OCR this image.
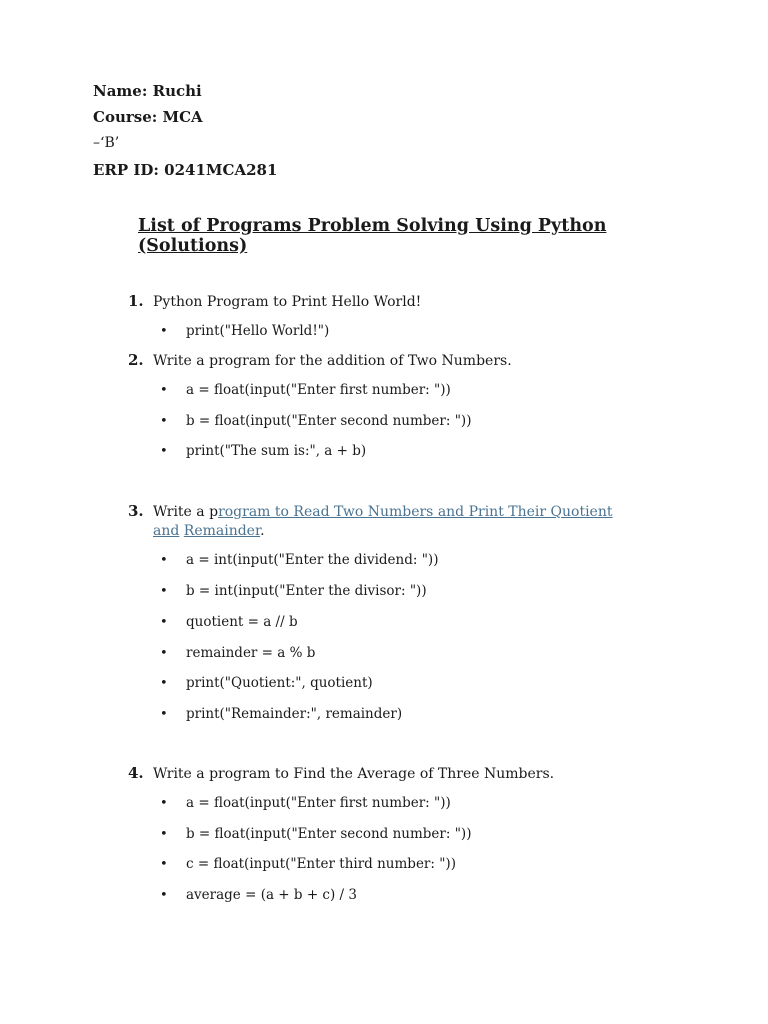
Name: Ruchi
Course: MCA
–‘B’
ERP ID: 0241MCA281
List of Programs Problem Solving Using Python
(Solutions)
1. Python Program to Print Hello World!
• print("Hello World!")
2. Write a program for the addition of Two Numbers.
• a = float(input("Enter first number: "))
• b = float(input("Enter second number: "))
• print("The sum is:", a + b)
3. Write a program to Read Two Numbers and Print Their Quotient
and Remainder.
• a = int(input("Enter the dividend: "))
• b = int(input("Enter the divisor: "))
• quotient = a // b
• remainder = a % b
• print("Quotient:", quotient)
• print("Remainder:", remainder)
4. Write a program to Find the Average of Three Numbers.
• a = float(input("Enter first number: "))
• b = float(input("Enter second number: "))
• c = float(input("Enter third number: "))
• average = (a + b + c) / 3
